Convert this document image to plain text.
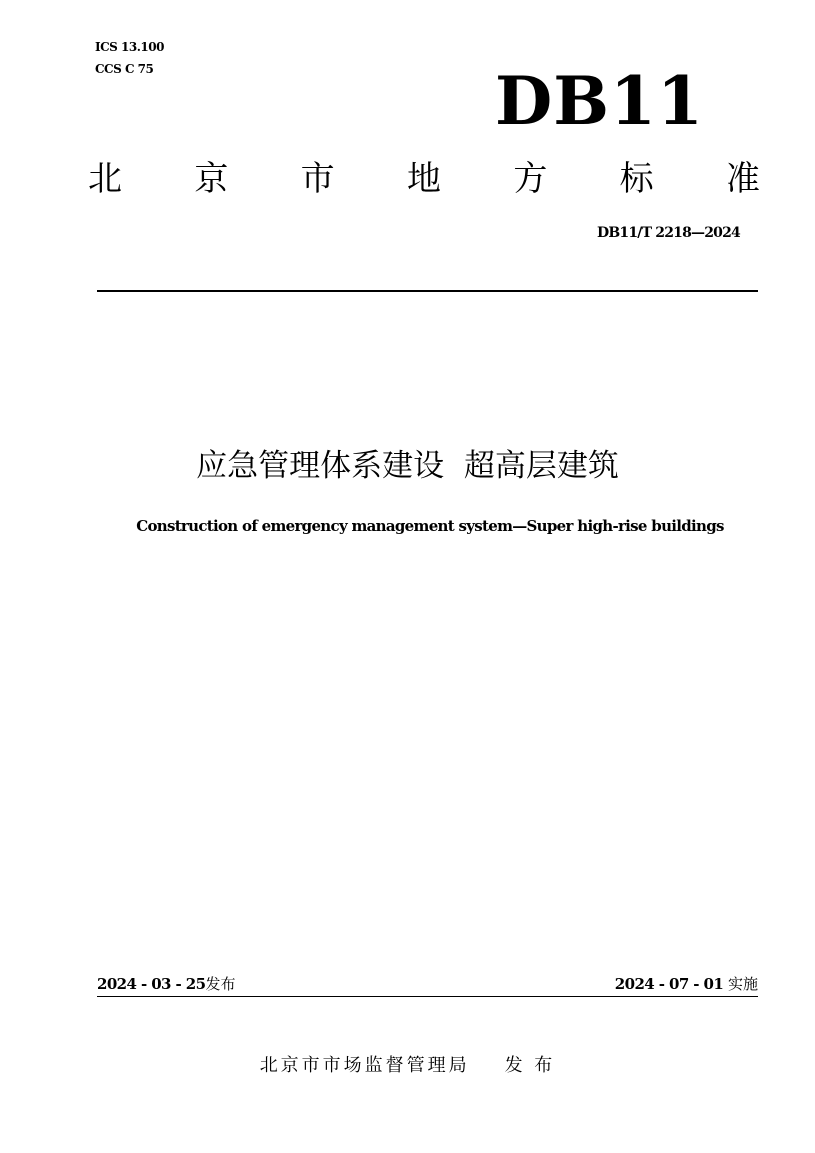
ICS 13.100
CCS C 75	DB11
北 京 市 地 方 标 准
DB11/T 2218—2024
应急管理体系建设  超高层建筑
Construction of emergency management system—Super high-rise buildings
2024 - 03 - 25发布	2024 - 07 - 01 实施
北京市市场监督管理局 发 布
